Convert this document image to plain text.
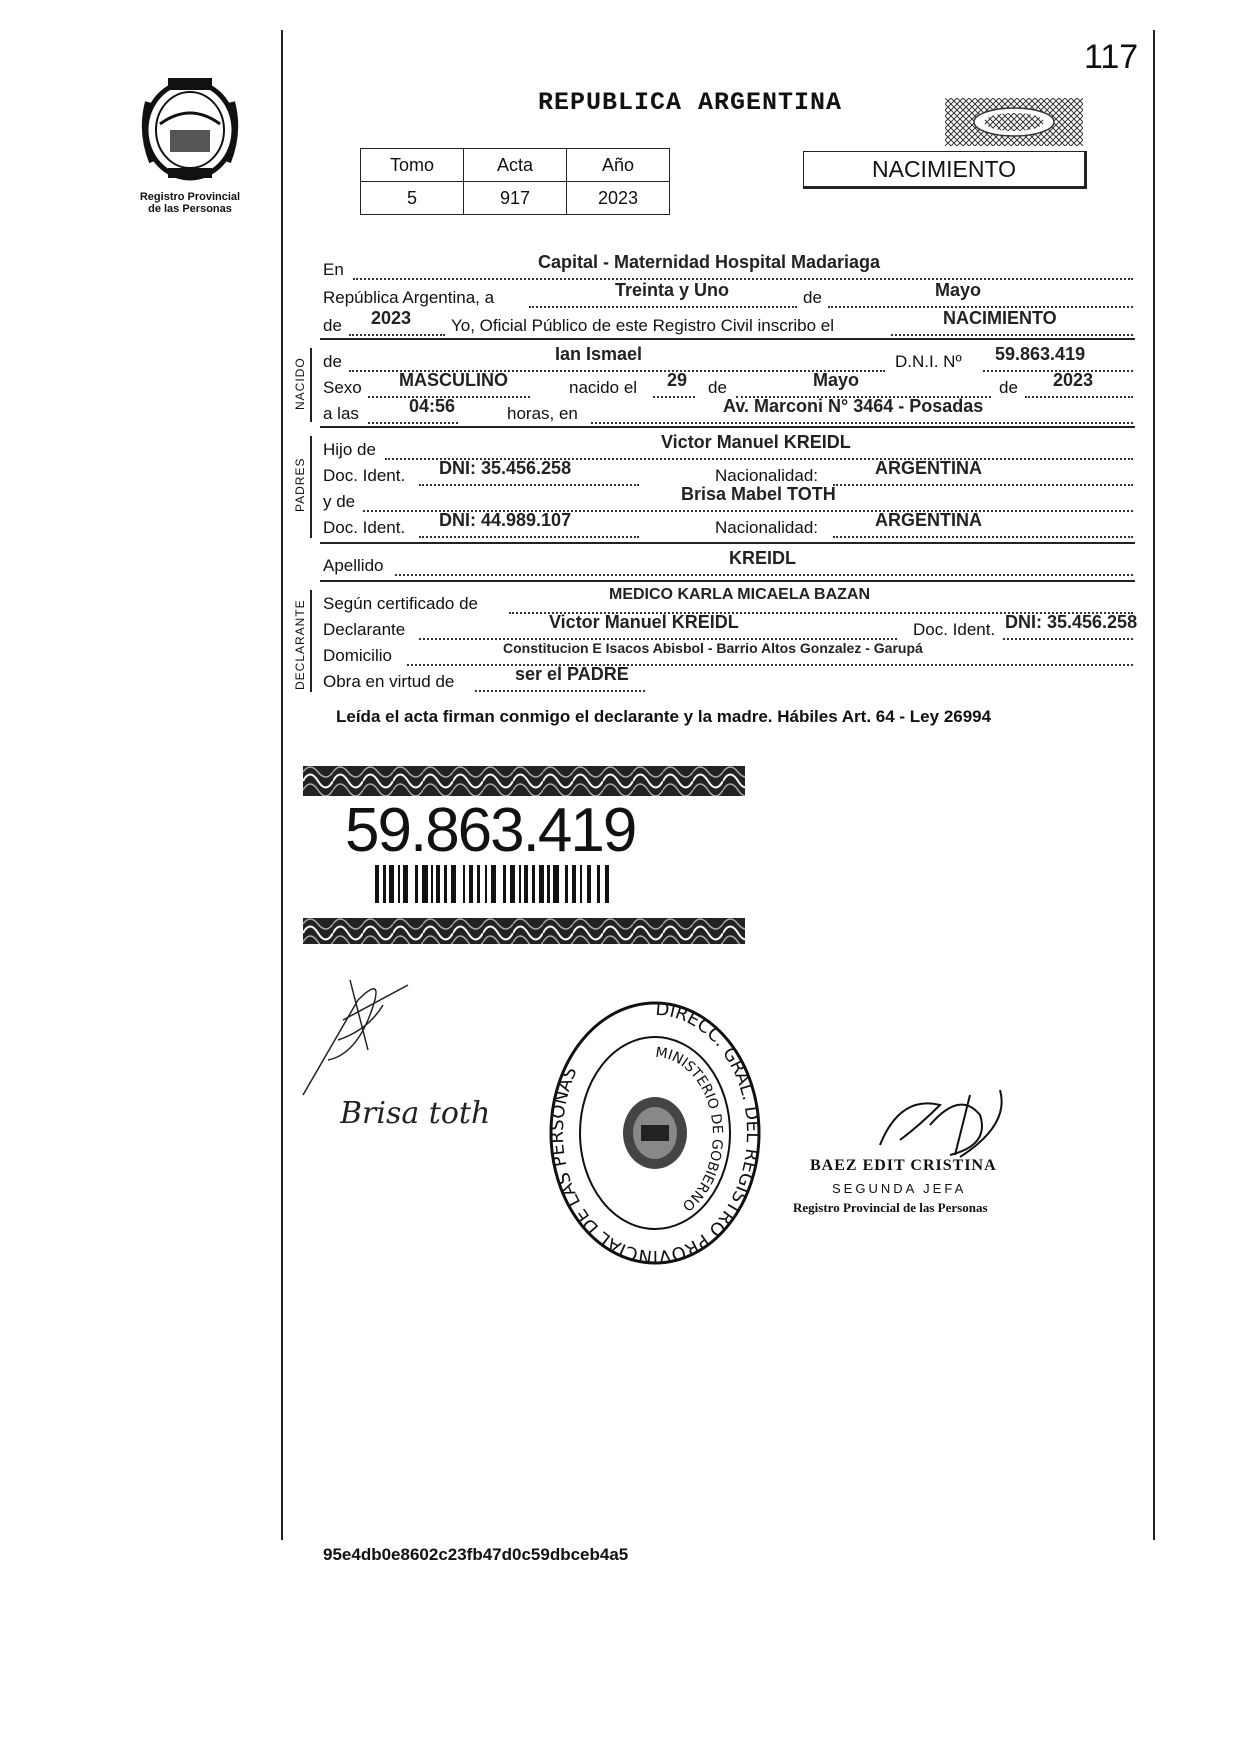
117
Registro Provincial
de las Personas
REPUBLICA ARGENTINA
Tomo	Acta	Año
5	917	2023
NACIMIENTO
En	Capital - Maternidad Hospital Madariaga
República Argentina, a	Treinta y Uno	de	Mayo
de 2023 Yo, Oficial Público de este Registro Civil inscribo el	NACIMIENTO
NACIDO de	Ian Ismael	D.N.I. Nº 59.863.419
Sexo MASCULINO	nacido el 29 de	Mayo	de 2023
a las	04:56	horas, en	Av. Marconi N° 3464 - Posadas
PADRES
Hijo de	Victor Manuel KREIDL
Doc. Ident. DNI: 35.456.258	Nacionalidad:	ARGENTINA
y de	Brisa Mabel TOTH
Doc. Ident. DNI: 44.989.107	Nacionalidad:	ARGENTINA
Apellido	KREIDL
DECLARANTE Según certificado de	MEDICO KARLA MICAELA BAZAN
Declarante	Victor Manuel KREIDL	Doc. Ident. DNI: 35.456.258
Domicilio	Constitucion E Isacos Abisbol - Barrio Altos Gonzalez - Garupá
Obra en virtud de	ser el PADRE
Leída el acta firman conmigo el declarante y la madre. Hábiles Art. 64 - Ley 26994
59.863.419
Brisa toth
DIRECC. GRAL. DEL REGISTRO PROVINCIAL DE LAS PERSONAS
MINISTERIO DE GOBIERNO
BAEZ EDIT CRISTINA
SEGUNDA JEFA
Registro Provincial de las Personas
95e4db0e8602c23fb47d0c59dbceb4a5
